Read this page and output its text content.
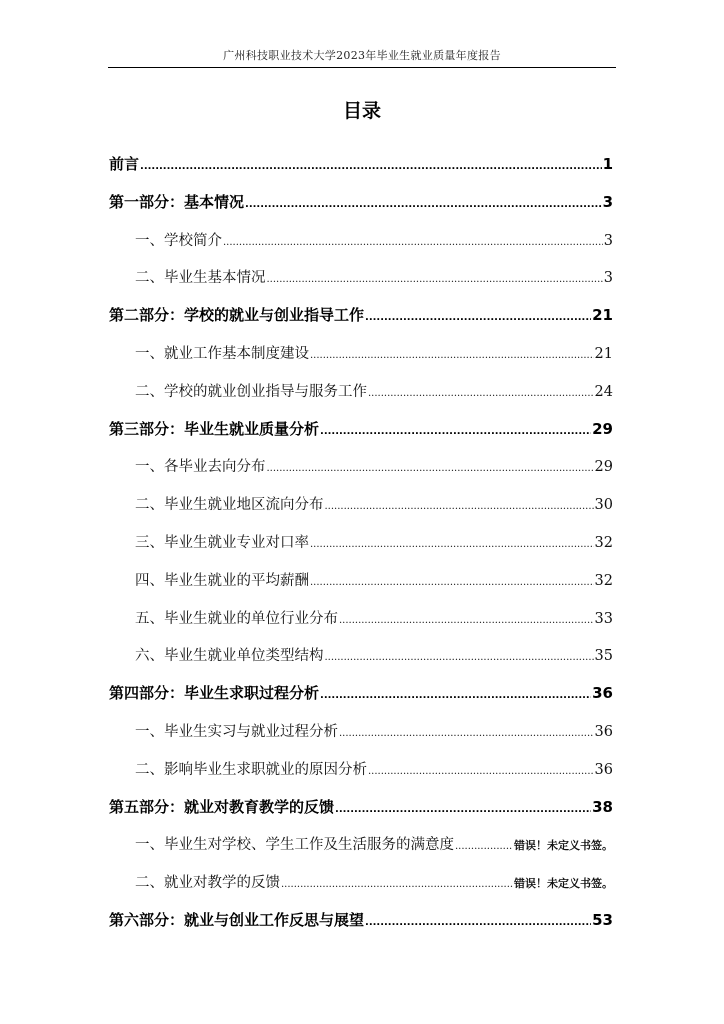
广州科技职业技术大学2023年毕业生就业质量年度报告
目录
前言 .....	1
第一部分：基本情况 .....	3
一、学校简介 .....	3
二、毕业生基本情况 .....	3
第二部分：学校的就业与创业指导工作 .....	21
一、就业工作基本制度建设 .....	21
二、学校的就业创业指导与服务工作 .....	24
第三部分：毕业生就业质量分析 .....	29
一、各毕业去向分布 .....	29
二、毕业生就业地区流向分布 .....	30
三、毕业生就业专业对口率 .....	32
四、毕业生就业的平均薪酬 .....	32
五、毕业生就业的单位行业分布 .....	33
六、毕业生就业单位类型结构 .....	35
第四部分：毕业生求职过程分析 .....	36
一、毕业生实习与就业过程分析 .....	36
二、影响毕业生求职就业的原因分析 .....	36
第五部分：就业对教育教学的反馈 .....	38
一、毕业生对学校、学生工作及生活服务的满意度 .....	错误！未定义书签。
二、就业对教学的反馈 .....	错误！未定义书签。
第六部分：就业与创业工作反思与展望 .....	53
